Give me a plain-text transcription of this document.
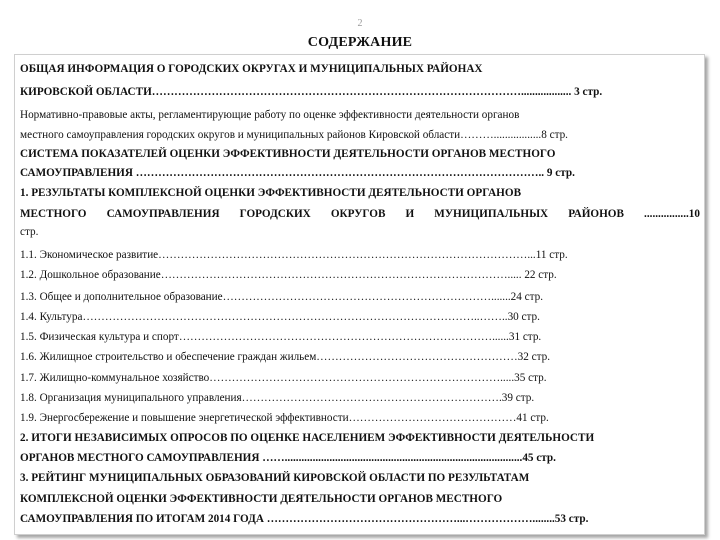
2
СОДЕРЖАНИЕ
ОБЩАЯ ИНФОРМАЦИЯ О ГОРОДСКИХ ОКРУГАХ И МУНИЦИПАЛЬНЫХ РАЙОНАХ
КИРОВСКОЙ ОБЛАСТИ……………………………………………………………………………………….................. 3 стр.
Нормативно-правовые акты, регламентирующие работу по оценке эффективности деятельности органов
местного самоуправления городских округов и муниципальных районов Кировской области……….................8 стр.
СИСТЕМА ПОКАЗАТЕЛЕЙ ОЦЕНКИ ЭФФЕКТИВНОСТИ ДЕЯТЕЛЬНОСТИ ОРГАНОВ МЕСТНОГО
САМОУПРАВЛЕНИЯ ……………………………………………………………………………………………….. 9 стр.
1. РЕЗУЛЬТАТЫ КОМПЛЕКСНОЙ ОЦЕНКИ ЭФФЕКТИВНОСТИ ДЕЯТЕЛЬНОСТИ ОРГАНОВ
МЕСТНОГО САМОУПРАВЛЕНИЯ ГОРОДСКИХ ОКРУГОВ И МУНИЦИПАЛЬНЫХ РАЙОНОВ ................10
стр.
1.1. Экономическое развитие………………………………………………………………………………………...11 стр.
1.2. Дошкольное образование…………………………………………………………………………………..... 22 стр.
1.3. Общее и дополнительное образование……………………………………………………………….......24 стр.
1.4. Культура……………………………………………………………………………………………..……..30 стр.
1.5. Физическая культура и спорт…………………………………………………………………………......31 стр.
1.6. Жилищное строительство и обеспечение граждан жильем………………………………………………32 стр.
1.7. Жилищно-коммунальное хозяйство…………………………………………………………………….....35 стр.
1.8. Организация муниципального управления…………………………………………………………….39 стр.
1.9. Энергосбережение и повышение энергетической эффективности………………………………………41 стр.
2. ИТОГИ НЕЗАВИСИМЫХ ОПРОСОВ ПО ОЦЕНКЕ НАСЕЛЕНИЕМ ЭФФЕКТИВНОСТИ ДЕЯТЕЛЬНОСТИ
ОРГАНОВ МЕСТНОГО САМОУПРАВЛЕНИЯ …….....................................................................................45 стр.
3. РЕЙТИНГ МУНИЦИПАЛЬНЫХ ОБРАЗОВАНИЙ КИРОВСКОЙ ОБЛАСТИ ПО РЕЗУЛЬТАТАМ
КОМПЛЕКСНОЙ ОЦЕНКИ ЭФФЕКТИВНОСТИ ДЕЯТЕЛЬНОСТИ ОРГАНОВ МЕСТНОГО
САМОУПРАВЛЕНИЯ ПО ИТОГАМ 2014 ГОДА ……………………………………………...………………........53 стр.
